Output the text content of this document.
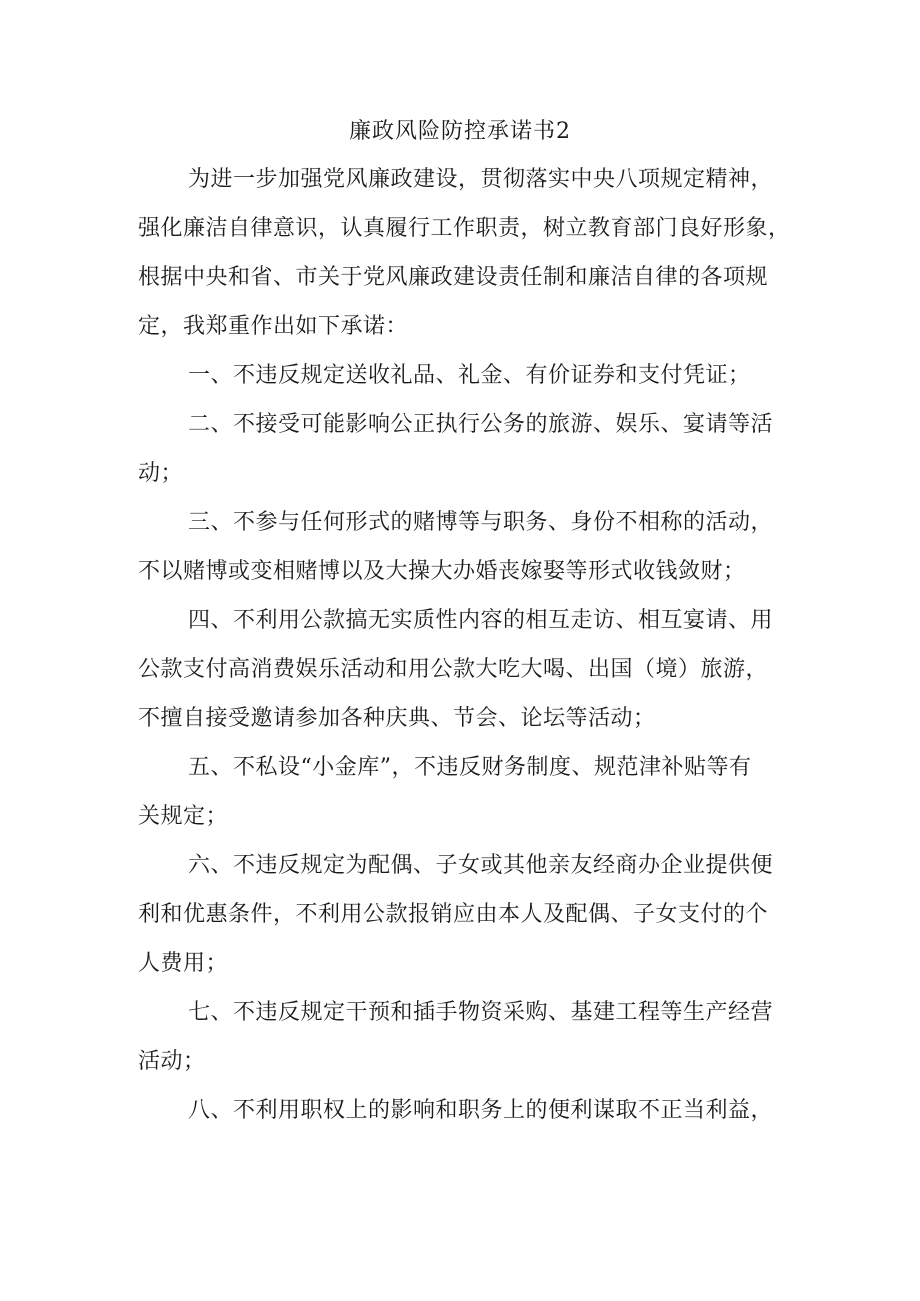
廉政风险防控承诺书2
为进一步加强党风廉政建设，贯彻落实中央八项规定精神，
强化廉洁自律意识，认真履行工作职责，树立教育部门良好形象，
根据中央和省、市关于党风廉政建设责任制和廉洁自律的各项规
定，我郑重作出如下承诺：
一、不违反规定送收礼品、礼金、有价证券和支付凭证；
二、不接受可能影响公正执行公务的旅游、娱乐、宴请等活
动；
三、不参与任何形式的赌博等与职务、身份不相称的活动，
不以赌博或变相赌博以及大操大办婚丧嫁娶等形式收钱敛财；
四、不利用公款搞无实质性内容的相互走访、相互宴请、用
公款支付高消费娱乐活动和用公款大吃大喝、出国（境）旅游，
不擅自接受邀请参加各种庆典、节会、论坛等活动；
五、不私设“小金库”，不违反财务制度、规范津补贴等有
关规定；
六、不违反规定为配偶、子女或其他亲友经商办企业提供便
利和优惠条件，不利用公款报销应由本人及配偶、子女支付的个
人费用；
七、不违反规定干预和插手物资采购、基建工程等生产经营
活动；
八、不利用职权上的影响和职务上的便利谋取不正当利益，
